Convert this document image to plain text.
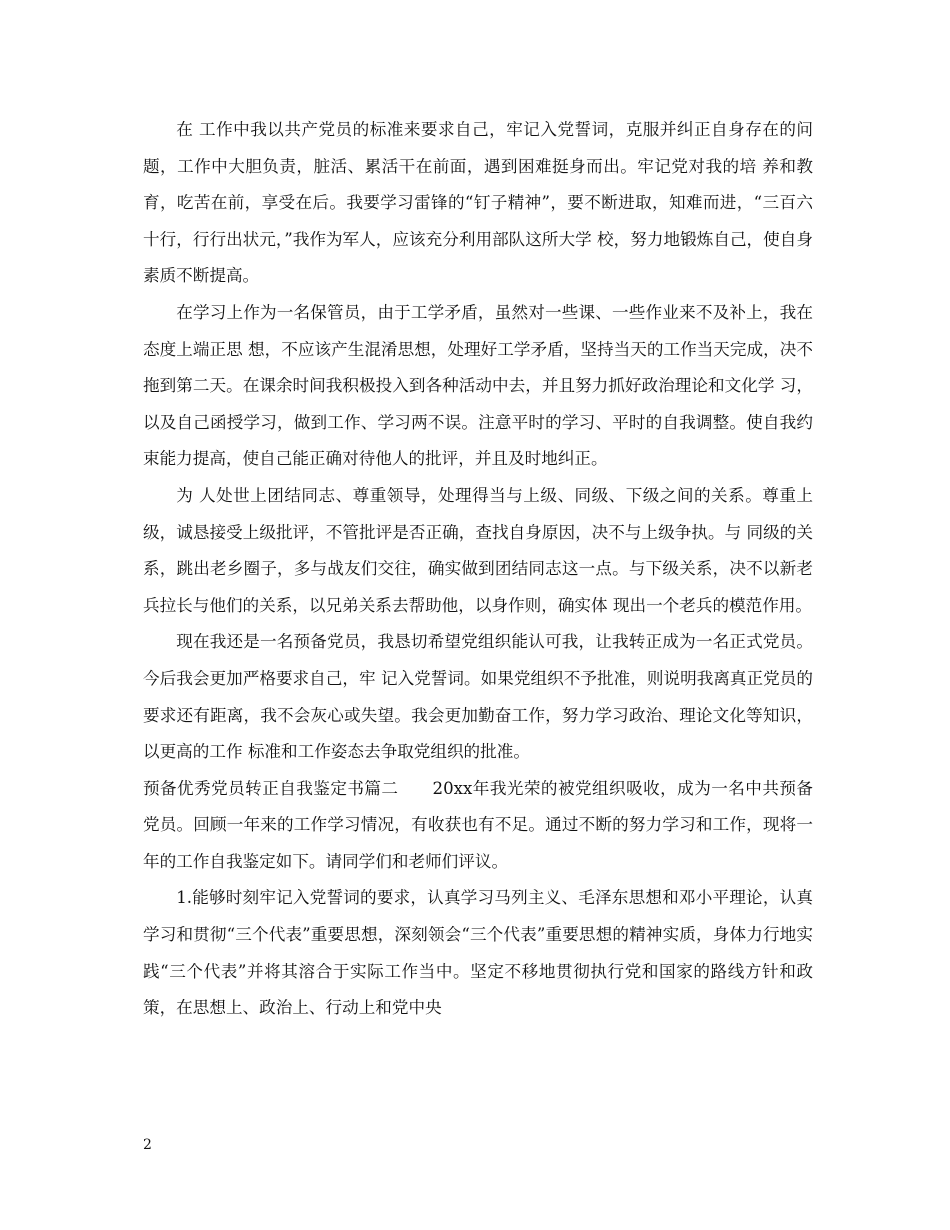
在 工作中我以共产党员的标准来要求自己，牢记入党誓词，克服并纠正自身存在的问题，工作中大胆负责，脏活、累活干在前面，遇到困难挺身而出。牢记党对我的培 养和教育，吃苦在前，享受在后。我要学习雷锋的“钉子精神”，要不断进取，知难而进，“三百六十行，行行出状元，”我作为军人，应该充分利用部队这所大学 校，努力地锻炼自己，使自身素质不断提高。

在学习上作为一名保管员，由于工学矛盾，虽然对一些课、一些作业来不及补上，我在态度上端正思 想，不应该产生混淆思想，处理好工学矛盾，坚持当天的工作当天完成，决不拖到第二天。在课余时间我积极投入到各种活动中去，并且努力抓好政治理论和文化学 习，以及自己函授学习，做到工作、学习两不误。注意平时的学习、平时的自我调整。使自我约束能力提高，使自己能正确对待他人的批评，并且及时地纠正。

为 人处世上团结同志、尊重领导，处理得当与上级、同级、下级之间的关系。尊重上级，诚恳接受上级批评，不管批评是否正确，查找自身原因，决不与上级争执。与 同级的关系，跳出老乡圈子，多与战友们交往，确实做到团结同志这一点。与下级关系，决不以新老兵拉长与他们的关系，以兄弟关系去帮助他，以身作则，确实体 现出一个老兵的模范作用。

现在我还是一名预备党员，我恳切希望党组织能认可我，让我转正成为一名正式党员。今后我会更加严格要求自己，牢 记入党誓词。如果党组织不予批准，则说明我离真正党员的要求还有距离，我不会灰心或失望。我会更加勤奋工作，努力学习政治、理论文化等知识，以更高的工作 标准和工作姿态去争取党组织的批准。

预备优秀党员转正自我鉴定书篇二　　20xx年我光荣的被党组织吸收，成为一名中共预备党员。回顾一年来的工作学习情况，有收获也有不足。通过不断的努力学习和工作，现将一年的工作自我鉴定如下。请同学们和老师们评议。

1.能够时刻牢记入党誓词的要求，认真学习马列主义、毛泽东思想和邓小平理论，认真学习和贯彻“三个代表”重要思想，深刻领会“三个代表”重要思想的精神实质，身体力行地实践“三个代表”并将其溶合于实际工作当中。坚定不移地贯彻执行党和国家的路线方针和政策，在思想上、政治上、行动上和党中央

2
